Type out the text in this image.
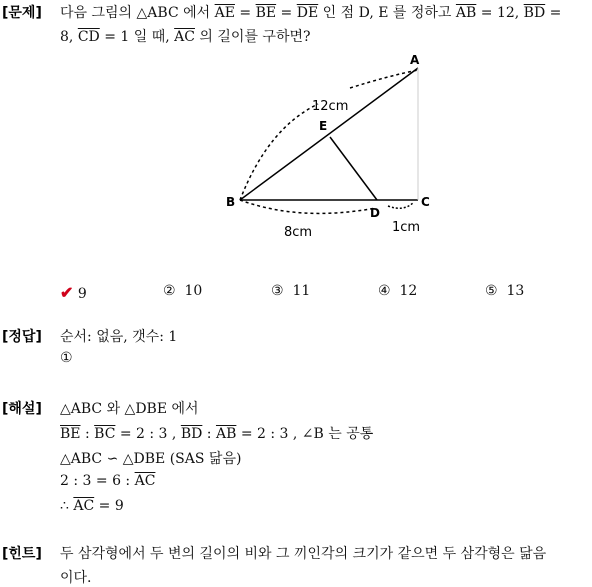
[문제] 다음 그림의 △ABC 에서 $\overline{AE} = \overline{BE} = \overline{DE}$ 인 점 D, E 를 정하고 $\overline{AB} = 12$, $\overline{BD}$ =
8, $\overline{CD} = 1$ 일 때, $\overline{AC}$ 의 길이를 구하면?
A
B	C
D
E
12cm
8cm	1cm
✔ 9	② 10	③ 11	④ 12	⑤ 13
[정답] 순서: 없음, 갯수: 1
①
[해설] △ABC 와 △DBE 에서
$\overline{BE}$ : $\overline{BC} = 2$ : 3 , $\overline{BD}$ : $\overline{AB} = 2$ : 3 , ∠B 는 공통
△ABC ∽ △DBE (SAS 닮음)
2 : 3 = 6 : $\overline{AC}$
∴ $\overline{AC} = 9$
[힌트] 두 삼각형에서 두 변의 길이의 비와 그 끼인각의 크기가 같으면 두 삼각형은 닮음
이다.
